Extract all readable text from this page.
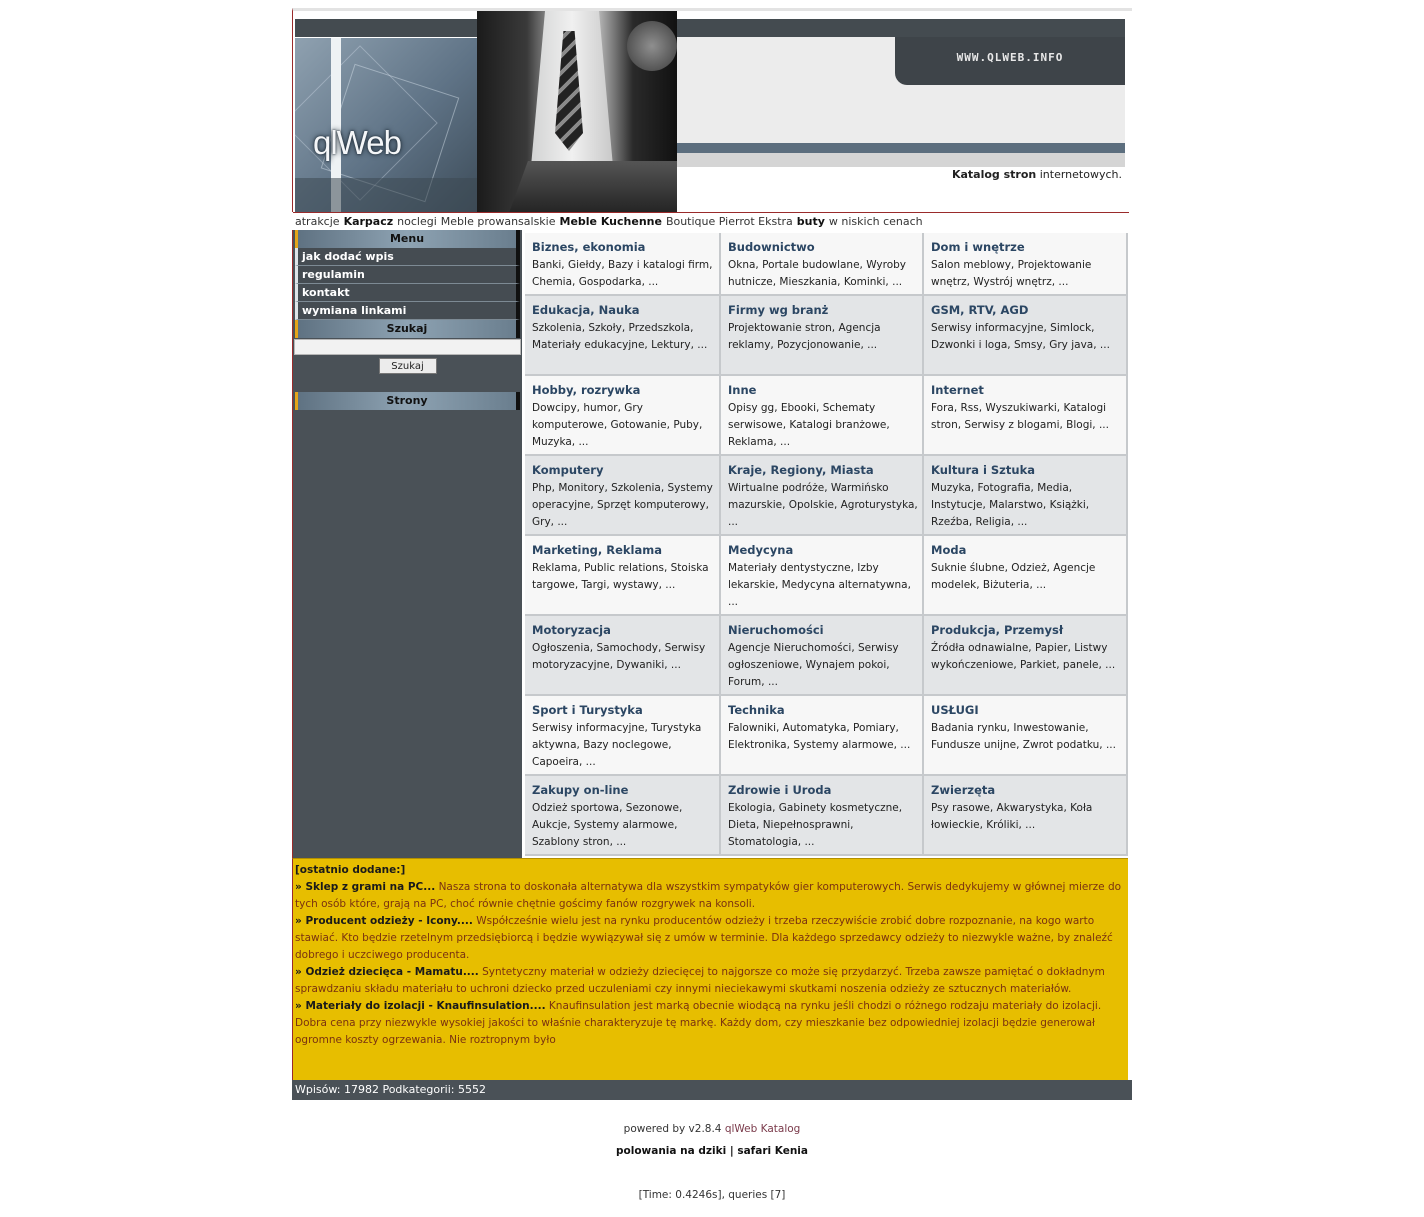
qlWeb
WWW.QLWEB.INFO
Katalog stron internetowych.
atrakcje Karpacz noclegi Meble prowansalskie Meble Kuchenne Boutique Pierrot Ekstra buty w niskich cenach
Menu
jak dodać wpis
regulamin
kontakt
wymiana linkami
Szukaj
Szukaj
Strony
Biznes, ekonomia
Banki, Giełdy, Bazy i katalogi firm, Chemia, Gospodarka, ...
Budownictwo
Okna, Portale budowlane, Wyroby hutnicze, Mieszkania, Kominki, ...
Dom i wnętrze
Salon meblowy, Projektowanie wnętrz, Wystrój wnętrz, ...
Edukacja, Nauka
Szkolenia, Szkoły, Przedszkola, Materiały edukacyjne, Lektury, ...
Firmy wg branż
Projektowanie stron, Agencja reklamy, Pozycjonowanie, ...
GSM, RTV, AGD
Serwisy informacyjne, Simlock, Dzwonki i loga, Smsy, Gry java, ...
Hobby, rozrywka
Dowcipy, humor, Gry komputerowe, Gotowanie, Puby, Muzyka, ...
Inne
Opisy gg, Ebooki, Schematy serwisowe, Katalogi branżowe, Reklama, ...
Internet
Fora, Rss, Wyszukiwarki, Katalogi stron, Serwisy z blogami, Blogi, ...
Komputery
Php, Monitory, Szkolenia, Systemy operacyjne, Sprzęt komputerowy, Gry, ...
Kraje, Regiony, Miasta
Wirtualne podróże, Warmińsko mazurskie, Opolskie, Agroturystyka, ...
Kultura i Sztuka
Muzyka, Fotografia, Media, Instytucje, Malarstwo, Książki, Rzeźba, Religia, ...
Marketing, Reklama
Reklama, Public relations, Stoiska targowe, Targi, wystawy, ...
Medycyna
Materiały dentystyczne, Izby lekarskie, Medycyna alternatywna, ...
Moda
Suknie ślubne, Odzież, Agencje modelek, Biżuteria, ...
Motoryzacja
Ogłoszenia, Samochody, Serwisy motoryzacyjne, Dywaniki, ...
Nieruchomości
Agencje Nieruchomości, Serwisy ogłoszeniowe, Wynajem pokoi, Forum, ...
Produkcja, Przemysł
Źródła odnawialne, Papier, Listwy wykończeniowe, Parkiet, panele, ...
Sport i Turystyka
Serwisy informacyjne, Turystyka aktywna, Bazy noclegowe, Capoeira, ...
Technika
Falowniki, Automatyka, Pomiary, Elektronika, Systemy alarmowe, ...
USŁUGI
Badania rynku, Inwestowanie, Fundusze unijne, Zwrot podatku, ...
Zakupy on-line
Odzież sportowa, Sezonowe, Aukcje, Systemy alarmowe, Szablony stron, ...
Zdrowie i Uroda
Ekologia, Gabinety kosmetyczne, Dieta, Niepełnosprawni, Stomatologia, ...
Zwierzęta
Psy rasowe, Akwarystyka, Koła łowieckie, Króliki, ...
[ostatnio dodane:]
» Sklep z grami na PC... Nasza strona to doskonała alternatywa dla wszystkim sympatyków gier komputerowych. Serwis dedykujemy w głównej mierze do tych osób które, grają na PC, choć równie chętnie gościmy fanów rozgrywek na konsoli.
» Producent odzieży - Icony.... Współcześnie wielu jest na rynku producentów odzieży i trzeba rzeczywiście zrobić dobre rozpoznanie, na kogo warto stawiać. Kto będzie rzetelnym przedsiębiorcą i będzie wywiązywał się z umów w terminie. Dla każdego sprzedawcy odzieży to niezwykle ważne, by znaleźć dobrego i uczciwego producenta.
» Odzież dziecięca - Mamatu.... Syntetyczny materiał w odzieży dziecięcej to najgorsze co może się przydarzyć. Trzeba zawsze pamiętać o dokładnym sprawdzaniu składu materiału to uchroni dziecko przed uczuleniami czy innymi nieciekawymi skutkami noszenia odzieży ze sztucznych materiałów.
» Materiały do izolacji - Knaufinsulation.... Knaufinsulation jest marką obecnie wiodącą na rynku jeśli chodzi o różnego rodzaju materiały do izolacji. Dobra cena przy niezwykle wysokiej jakości to właśnie charakteryzuje tę markę. Każdy dom, czy mieszkanie bez odpowiedniej izolacji będzie generował ogromne koszty ogrzewania. Nie roztropnym było
Wpisów: 17982 Podkategorii: 5552
powered by v2.8.4 qlWeb Katalog
polowania na dziki | safari Kenia
[Time: 0.4246s], queries [7]
